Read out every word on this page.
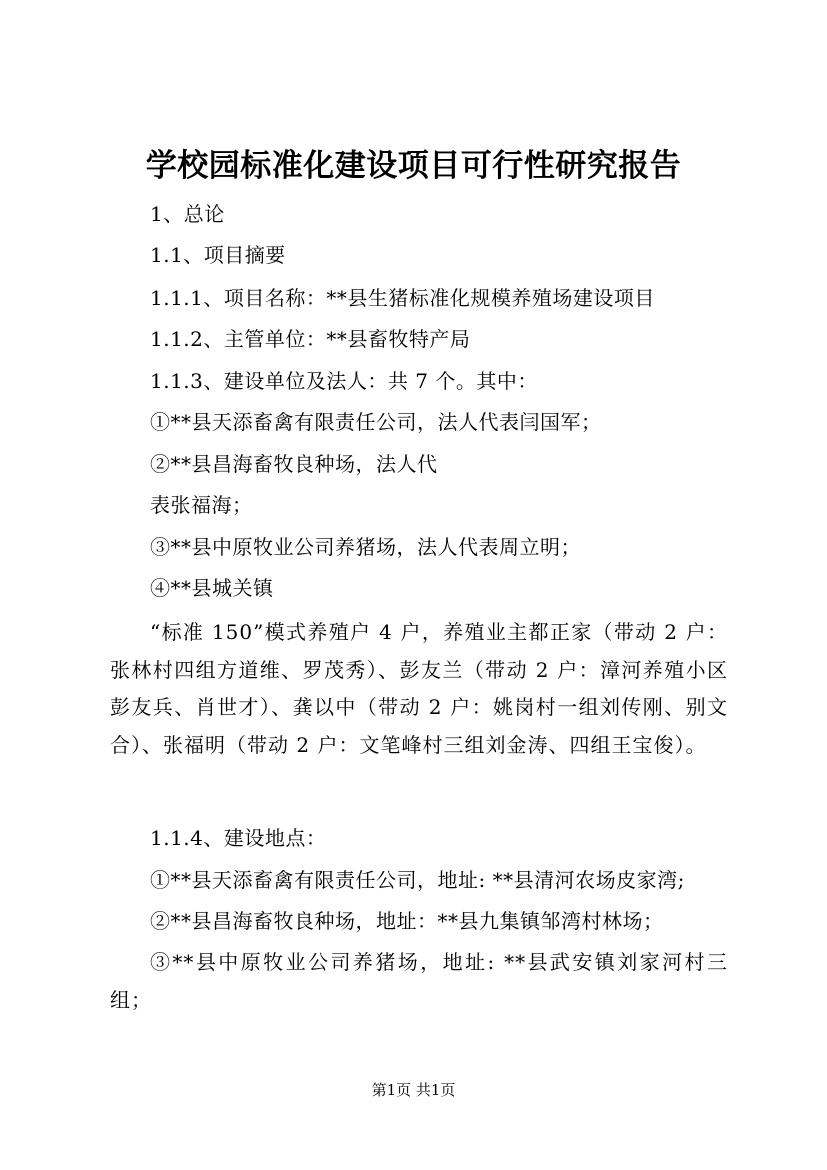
学校园标准化建设项目可行性研究报告
1、总论
1.1、项目摘要
1.1.1、项目名称：**县生猪标准化规模养殖场建设项目
1.1.2、主管单位：**县畜牧特产局
1.1.3、建设单位及法人：共 7 个。其中：
①**县天添畜禽有限责任公司，法人代表闫国军；
②**县昌海畜牧良种场，法人代
表张福海；
③**县中原牧业公司养猪场，法人代表周立明；
④**县城关镇
“标准 150”模式养殖户 4 户，养殖业主都正家（带动 2 户：张林村四组方道维、罗茂秀）、彭友兰（带动 2 户：漳河养殖小区彭友兵、肖世才）、龚以中（带动 2 户：姚岗村一组刘传刚、别文合）、张福明（带动 2 户：文笔峰村三组刘金涛、四组王宝俊）。
1.1.4、建设地点：
①**县天添畜禽有限责任公司，地址: **县清河农场皮家湾;
②**县昌海畜牧良种场，地址：**县九集镇邹湾村林场；
③**县中原牧业公司养猪场，地址: **县武安镇刘家河村三组；
第1页 共1页
